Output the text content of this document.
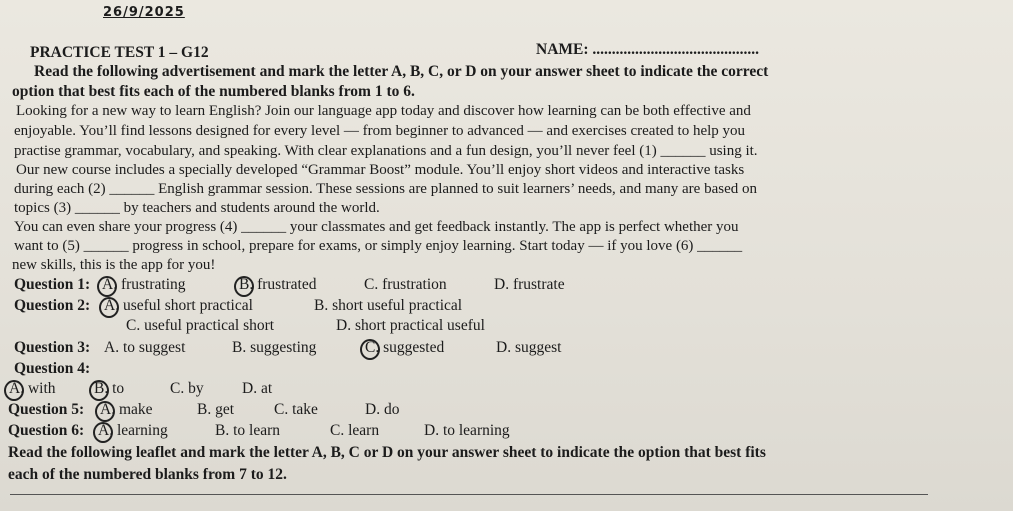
26/9/2025
PRACTICE TEST 1 – G12	NAME: ...........................................
Read the following advertisement and mark the letter A, B, C, or D on your answer sheet to indicate the correct
option that best fits each of the numbered blanks from 1 to 6.
Looking for a new way to learn English? Join our language app today and discover how learning can be both effective and
enjoyable. You’ll find lessons designed for every level — from beginner to advanced — and exercises created to help you
practise grammar, vocabulary, and speaking. With clear explanations and a fun design, you’ll never feel (1) ______ using it.
Our new course includes a specially developed “Grammar Boost” module. You’ll enjoy short videos and interactive tasks
during each (2) ______ English grammar session. These sessions are planned to suit learners’ needs, and many are based on
topics (3) ______ by teachers and students around the world.
You can even share your progress (4) ______ your classmates and get feedback instantly. The app is perfect whether you
want to (5) ______ progress in school, prepare for exams, or simply enjoy learning. Start today — if you love (6) ______
new skills, this is the app for you!
Question 1: A. frustrating	B. frustrated	C. frustration	D. frustrate
Question 2: A. useful short practical	B. short useful practical
C. useful practical short	D. short practical useful
Question 3: A. to suggest	B. suggesting	C. suggested	D. suggest
Question 4:
A. with B. to	C. by D. at
Question 5: A. make	B. get	C. take	D. do
Question 6: A. learning	B. to learn	C. learn	D. to learning
Read the following leaflet and mark the letter A, B, C or D on your answer sheet to indicate the option that best fits
each of the numbered blanks from 7 to 12.
